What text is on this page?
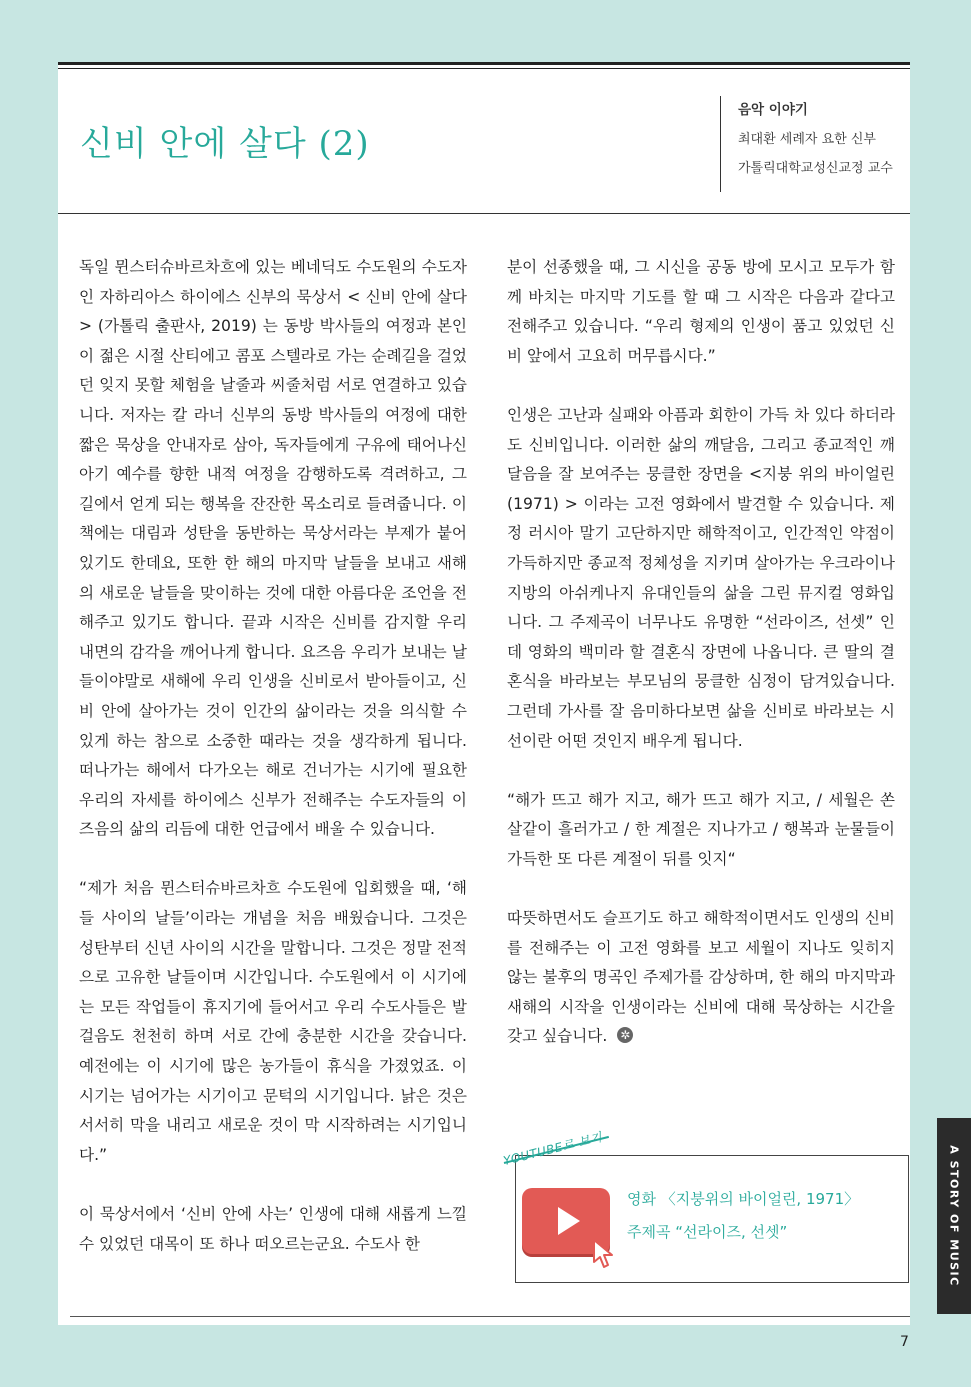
신비 안에 살다 (2)
음악 이야기
최대환 세례자 요한 신부
가톨릭대학교성신교정 교수

독일 뮌스터슈바르차흐에 있는 베네딕도 수도원의 수도자인 자하리아스 하이에스 신부의 묵상서 < 신비 안에 살다 > (가톨릭 출판사, 2019) 는 동방 박사들의 여정과 본인이 젊은 시절 산티에고 콤포 스텔라로 가는 순례길을 걸었던 잊지 못할 체험을 날줄과 씨줄처럼 서로 연결하고 있습니다. 저자는 칼 라너 신부의 동방 박사들의 여정에 대한 짧은 묵상을 안내자로 삼아, 독자들에게 구유에 태어나신 아기 예수를 향한 내적 여정을 감행하도록 격려하고, 그 길에서 얻게 되는 행복을 잔잔한 목소리로 들려줍니다. 이 책에는 대림과 성탄을 동반하는 묵상서라는 부제가 붙어있기도 한데요, 또한 한 해의 마지막 날들을 보내고 새해의 새로운 날들을 맞이하는 것에 대한 아름다운 조언을 전해주고 있기도 합니다. 끝과 시작은 신비를 감지할 우리 내면의 감각을 깨어나게 합니다. 요즈음 우리가 보내는 날들이야말로 새해에 우리 인생을 신비로서 받아들이고, 신비 안에 살아가는 것이 인간의 삶이라는 것을 의식할 수 있게 하는 참으로 소중한 때라는 것을 생각하게 됩니다. 떠나가는 해에서 다가오는 해로 건너가는 시기에 필요한 우리의 자세를 하이에스 신부가 전해주는 수도자들의 이즈음의 삶의 리듬에 대한 언급에서 배울 수 있습니다.

“제가 처음 뮌스터슈바르차흐 수도원에 입회했을 때, ‘해들 사이의 날들’이라는 개념을 처음 배웠습니다. 그것은 성탄부터 신년 사이의 시간을 말합니다. 그것은 정말 전적으로 고유한 날들이며 시간입니다. 수도원에서 이 시기에는 모든 작업들이 휴지기에 들어서고 우리 수도사들은 발걸음도 천천히 하며 서로 간에 충분한 시간을 갖습니다. 예전에는 이 시기에 많은 농가들이 휴식을 가졌었죠. 이 시기는 넘어가는 시기이고 문턱의 시기입니다. 낡은 것은 서서히 막을 내리고 새로운 것이 막 시작하려는 시기입니다.”

이 묵상서에서 ‘신비 안에 사는’ 인생에 대해 새롭게 느낄 수 있었던 대목이 또 하나 떠오르는군요. 수도사 한

분이 선종했을 때, 그 시신을 공동 방에 모시고 모두가 함께 바치는 마지막 기도를 할 때 그 시작은 다음과 같다고 전해주고 있습니다. “우리 형제의 인생이 품고 있었던 신비 앞에서 고요히 머무릅시다.”

인생은 고난과 실패와 아픔과 회한이 가득 차 있다 하더라도 신비입니다. 이러한 삶의 깨달음, 그리고 종교적인 깨달음을 잘 보여주는 뭉클한 장면을 <지붕 위의 바이얼린 (1971) > 이라는 고전 영화에서 발견할 수 있습니다. 제정 러시아 말기 고단하지만 해학적이고, 인간적인 약점이 가득하지만 종교적 정체성을 지키며 살아가는 우크라이나 지방의 아쉬케나지 유대인들의 삶을 그린 뮤지컬 영화입니다. 그 주제곡이 너무나도 유명한 “선라이즈, 선셋” 인데 영화의 백미라 할 결혼식 장면에 나옵니다. 큰 딸의 결혼식을 바라보는 부모님의 뭉클한 심정이 담겨있습니다. 그런데 가사를 잘 음미하다보면 삶을 신비로 바라보는 시선이란 어떤 것인지 배우게 됩니다.

“해가 뜨고 해가 지고, 해가 뜨고 해가 지고, / 세월은 쏜살같이 흘러가고 / 한 계절은 지나가고 / 행복과 눈물들이 가득한 또 다른 계절이 뒤를 잇지“

따뜻하면서도 슬프기도 하고 해학적이면서도 인생의 신비를 전해주는 이 고전 영화를 보고 세월이 지나도 잊히지 않는 불후의 명곡인 주제가를 감상하며, 한 해의 마지막과 새해의 시작을 인생이라는 신비에 대해 묵상하는 시간을 갖고 싶습니다.✲

영화 〈지붕위의 바이얼린, 1971〉
주제곡 “선라이즈, 선셋”	A STORY OF MUSIC
7
